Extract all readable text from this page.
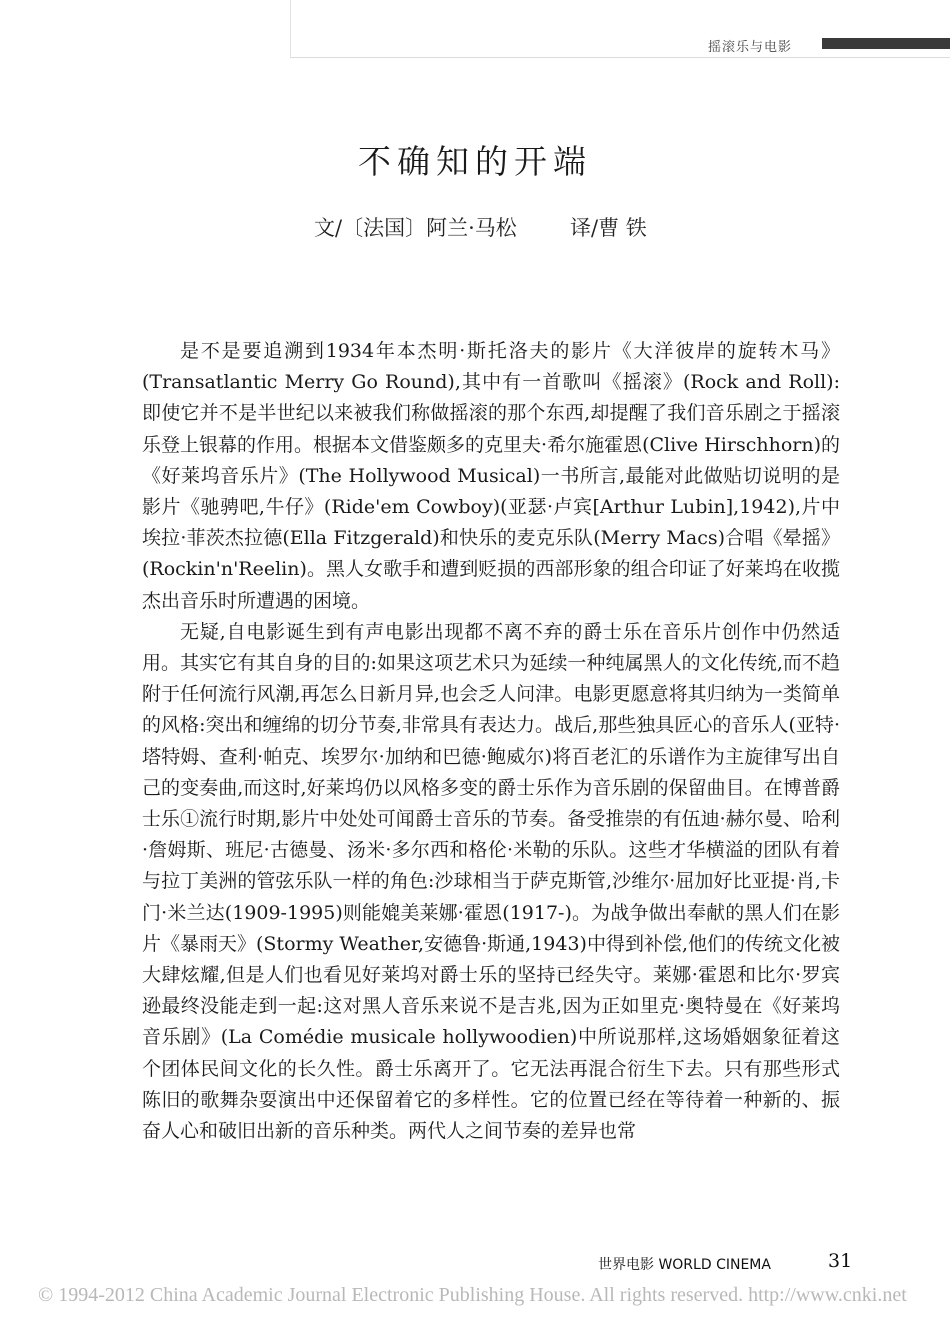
摇滚乐与电影
不确知的开端
文/〔法国〕阿兰·马松	译/曹 铁

是不是要追溯到1934年本杰明·斯托洛夫的影片《大洋彼岸的旋转木马》(Transatlantic Merry Go Round),其中有一首歌叫《摇滚》(Rock and Roll):即使它并不是半世纪以来被我们称做摇滚的那个东西,却提醒了我们音乐剧之于摇滚乐登上银幕的作用。根据本文借鉴颇多的克里夫·希尔施霍恩(Clive Hirschhorn)的《好莱坞音乐片》(The Hollywood Musical)一书所言,最能对此做贴切说明的是影片《驰骋吧,牛仔》(Ride'em Cowboy)(亚瑟·卢宾[Arthur Lubin],1942),片中埃拉·菲茨杰拉德(Ella Fitzgerald)和快乐的麦克乐队(Merry Macs)合唱《晕摇》(Rockin'n'Reelin)。黑人女歌手和遭到贬损的西部形象的组合印证了好莱坞在收揽杰出音乐时所遭遇的困境。

无疑,自电影诞生到有声电影出现都不离不弃的爵士乐在音乐片创作中仍然适用。其实它有其自身的目的:如果这项艺术只为延续一种纯属黑人的文化传统,而不趋附于任何流行风潮,再怎么日新月异,也会乏人问津。电影更愿意将其归纳为一类简单的风格:突出和缠绵的切分节奏,非常具有表达力。战后,那些独具匠心的音乐人(亚特·塔特姆、查利·帕克、埃罗尔·加纳和巴德·鲍威尔)将百老汇的乐谱作为主旋律写出自己的变奏曲,而这时,好莱坞仍以风格多变的爵士乐作为音乐剧的保留曲目。在博普爵士乐①流行时期,影片中处处可闻爵士音乐的节奏。备受推崇的有伍迪·赫尔曼、哈利·詹姆斯、班尼·古德曼、汤米·多尔西和格伦·米勒的乐队。这些才华横溢的团队有着与拉丁美洲的管弦乐队一样的角色:沙球相当于萨克斯管,沙维尔·屈加好比亚提·肖,卡门·米兰达(1909-1995)则能媲美莱娜·霍恩(1917-)。为战争做出奉献的黑人们在影片《暴雨天》(Stormy Weather,安德鲁·斯通,1943)中得到补偿,他们的传统文化被大肆炫耀,但是人们也看见好莱坞对爵士乐的坚持已经失守。莱娜·霍恩和比尔·罗宾逊最终没能走到一起:这对黑人音乐来说不是吉兆,因为正如里克·奥特曼在《好莱坞音乐剧》(La Comédie musicale hollywoodien)中所说那样,这场婚姻象征着这个团体民间文化的长久性。爵士乐离开了。它无法再混合衍生下去。只有那些形式陈旧的歌舞杂耍演出中还保留着它的多样性。它的位置已经在等待着一种新的、振奋人心和破旧出新的音乐种类。两代人之间节奏的差异也常

世界电影 WORLD CINEMA	31
© 1994-2012 China Academic Journal Electronic Publishing House. All rights reserved. http://www.cnki.net
